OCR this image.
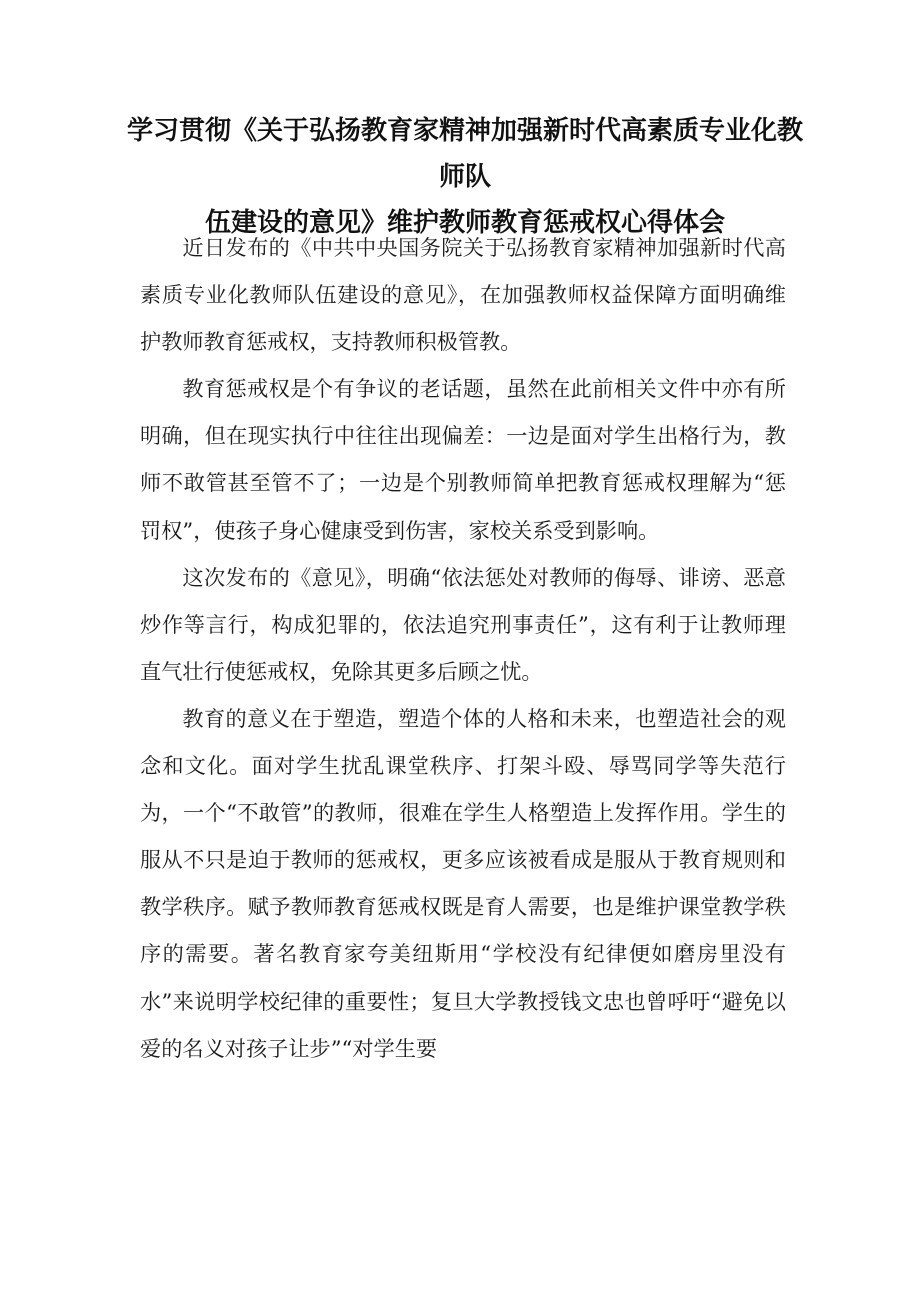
学习贯彻《关于弘扬教育家精神加强新时代高素质专业化教师队
伍建设的意见》维护教师教育惩戒权心得体会

近日发布的《中共中央国务院关于弘扬教育家精神加强新时代高素质专业化教师队伍建设的意见》，在加强教师权益保障方面明确维护教师教育惩戒权，支持教师积极管教。

教育惩戒权是个有争议的老话题，虽然在此前相关文件中亦有所明确，但在现实执行中往往出现偏差：一边是面对学生出格行为，教师不敢管甚至管不了；一边是个别教师简单把教育惩戒权理解为“惩罚权”，使孩子身心健康受到伤害，家校关系受到影响。

这次发布的《意见》，明确“依法惩处对教师的侮辱、诽谤、恶意炒作等言行，构成犯罪的，依法追究刑事责任”，这有利于让教师理直气壮行使惩戒权，免除其更多后顾之忧。

教育的意义在于塑造，塑造个体的人格和未来，也塑造社会的观念和文化。面对学生扰乱课堂秩序、打架斗殴、辱骂同学等失范行为，一个“不敢管”的教师，很难在学生人格塑造上发挥作用。学生的服从不只是迫于教师的惩戒权，更多应该被看成是服从于教育规则和教学秩序。赋予教师教育惩戒权既是育人需要，也是维护课堂教学秩序的需要。著名教育家夸美纽斯用“学校没有纪律便如磨房里没有水”来说明学校纪律的重要性；复旦大学教授钱文忠也曾呼吁“避免以爱的名义对孩子让步”“对学生要
